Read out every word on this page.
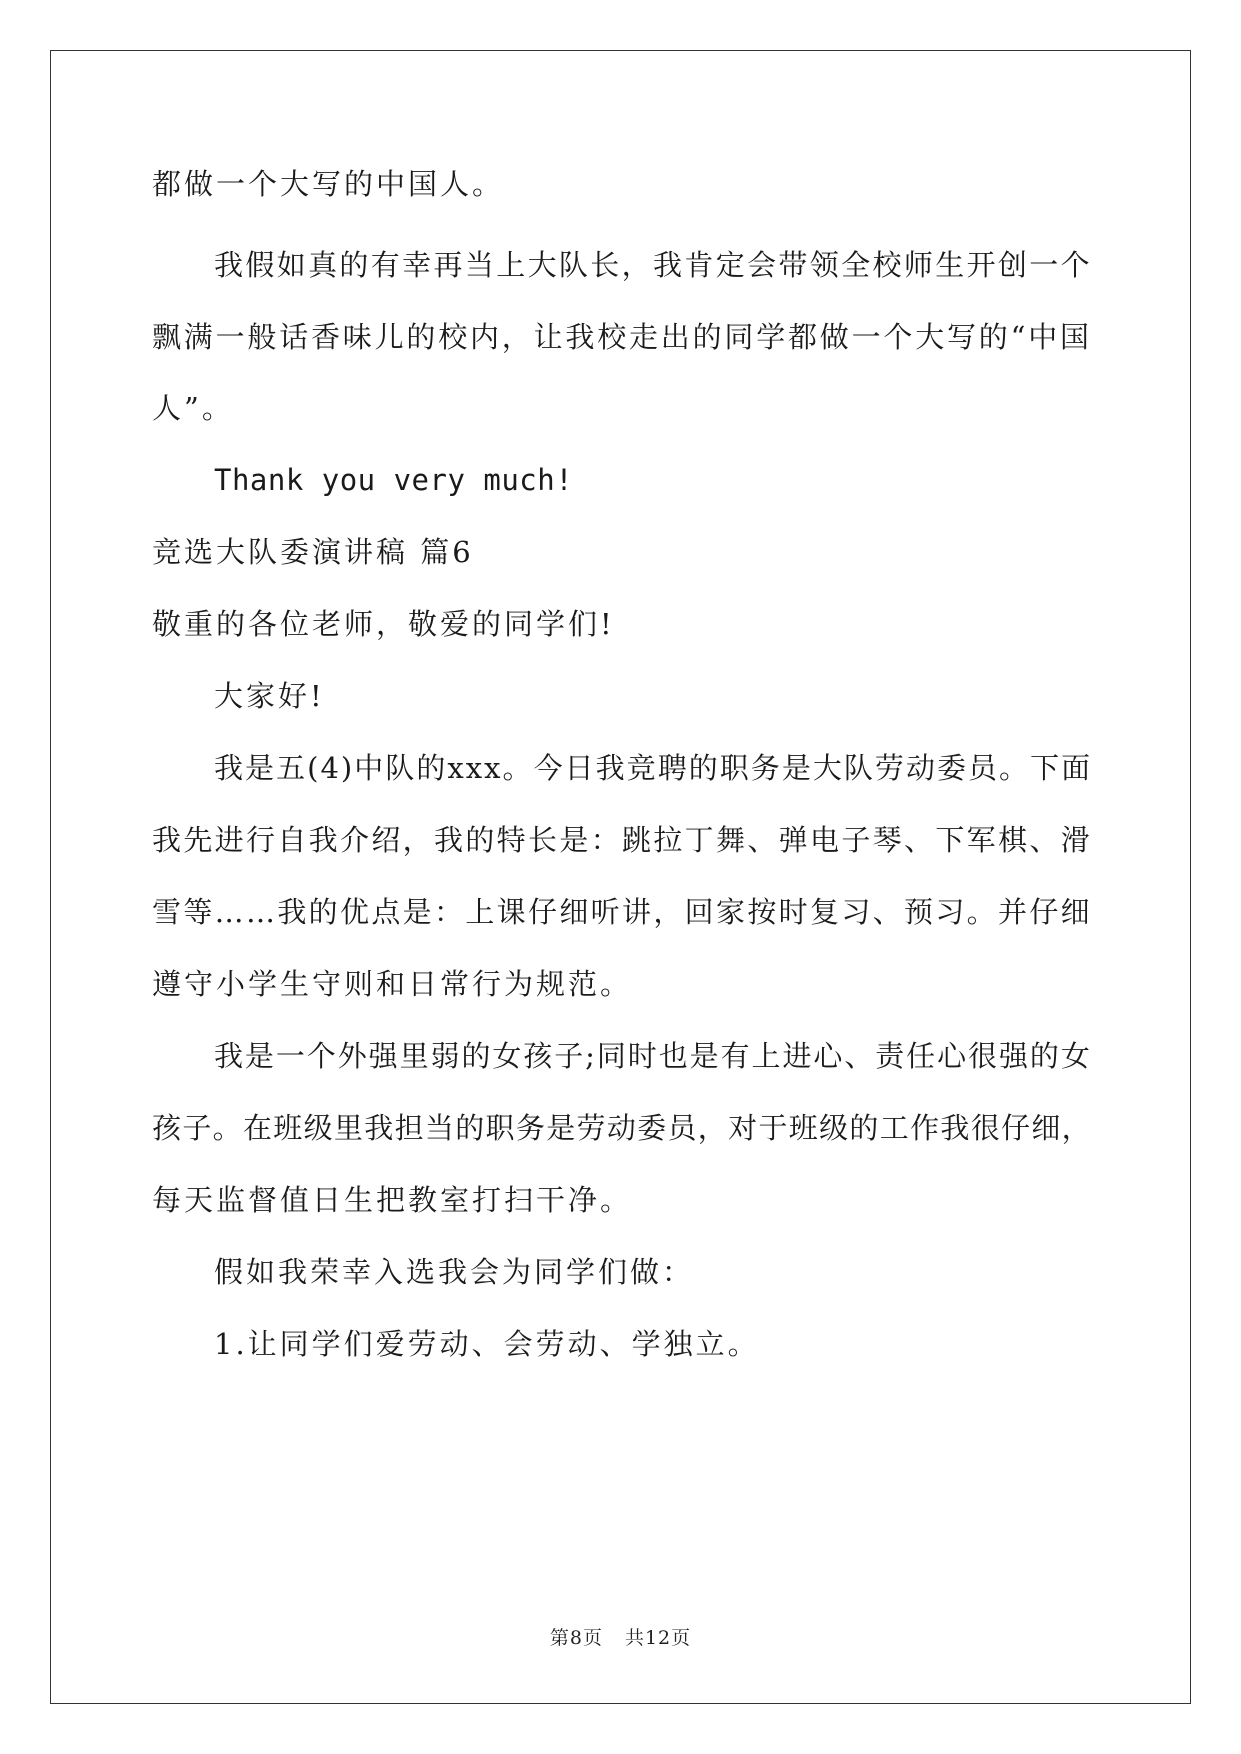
都做一个大写的中国人。
我假如真的有幸再当上大队长，我肯定会带领全校师生开创一个
飘满一般话香味儿的校内，让我校走出的同学都做一个大写的“中国
人”。
Thank you very much!
竞选大队委演讲稿 篇6
敬重的各位老师，敬爱的同学们!
大家好!
我是五(4)中队的xxx。今日我竞聘的职务是大队劳动委员。下面
我先进行自我介绍，我的特长是：跳拉丁舞、弹电子琴、下军棋、滑
雪等……我的优点是：上课仔细听讲，回家按时复习、预习。并仔细
遵守小学生守则和日常行为规范。
我是一个外强里弱的女孩子;同时也是有上进心、责任心很强的女
孩子。在班级里我担当的职务是劳动委员，对于班级的工作我很仔细，
每天监督值日生把教室打扫干净。
假如我荣幸入选我会为同学们做：
1.让同学们爱劳动、会劳动、学独立。
第8页 共12页
